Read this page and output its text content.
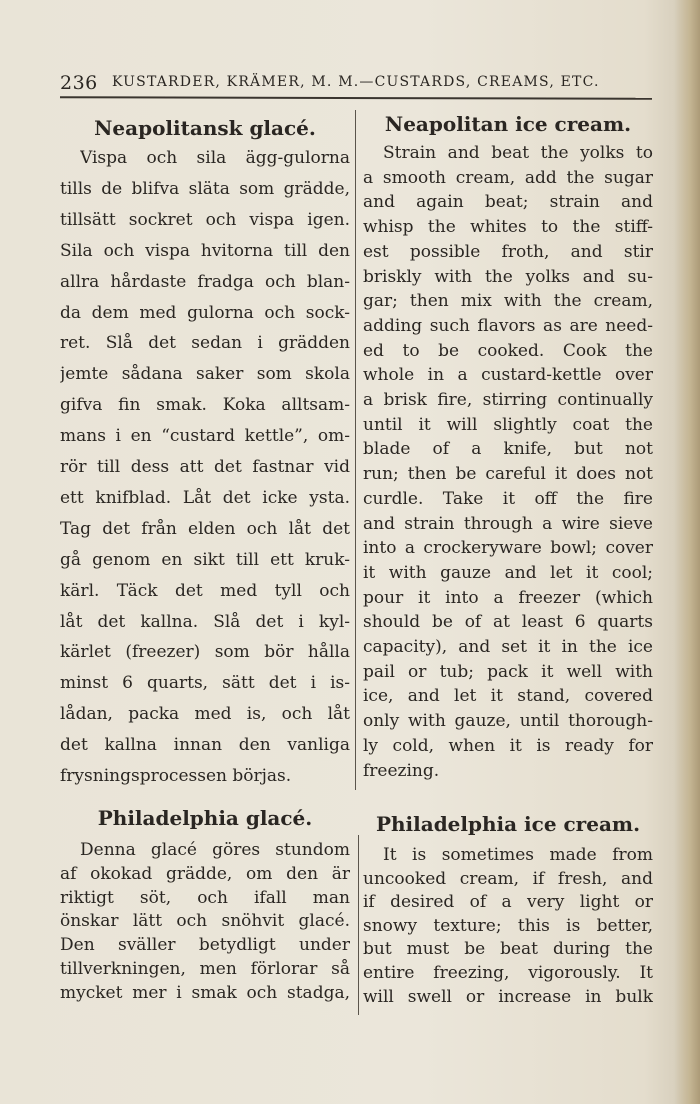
236 KUSTARDER, KRÄMER, M. M.—CUSTARDS, CREAMS, ETC.
Neapolitansk glacé.
Vispa och sila ägg-gulorna
tills de blifva släta som grädde,
tillsätt sockret och vispa igen.
Sila och vispa hvitorna till den
allra hårdaste fradga och blan-
da dem med gulorna och sock-
ret. Slå det sedan i grädden
jemte sådana saker som skola
gifva fin smak. Koka alltsam-
mans i en “custard kettle”, om-
rör till dess att det fastnar vid
ett knifblad. Låt det icke ysta.
Tag det från elden och låt det
gå genom en sikt till ett kruk-
kärl. Täck det med tyll och
låt det kallna. Slå det i kyl-
kärlet (freezer) som bör hålla
minst 6 quarts, sätt det i is-
lådan, packa med is, och låt
det kallna innan den vanliga
frysningsprocessen börjas.
Philadelphia glacé.
Denna glacé göres stundom
af okokad grädde, om den är
riktigt söt, och ifall man
önskar lätt och snöhvit glacé.
Den sväller betydligt under
tillverkningen, men förlorar så
mycket mer i smak och stadga,
Neapolitan ice cream.
Strain and beat the yolks to
a smooth cream, add the sugar
and again beat; strain and
whisp the whites to the stiff-
est possible froth, and stir
briskly with the yolks and su-
gar; then mix with the cream,
adding such flavors as are need-
ed to be cooked. Cook the
whole in a custard-kettle over
a brisk fire, stirring continually
until it will slightly coat the
blade of a knife, but not
run; then be careful it does not
curdle. Take it off the fire
and strain through a wire sieve
into a crockeryware bowl; cover
it with gauze and let it cool;
pour it into a freezer (which
should be of at least 6 quarts
capacity), and set it in the ice
pail or tub; pack it well with
ice, and let it stand, covered
only with gauze, until thorough-
ly cold, when it is ready for
freezing.
Philadelphia ice cream.
It is sometimes made from
uncooked cream, if fresh, and
if desired of a very light or
snowy texture; this is better,
but must be beat during the
entire freezing, vigorously. It
will swell or increase in bulk
